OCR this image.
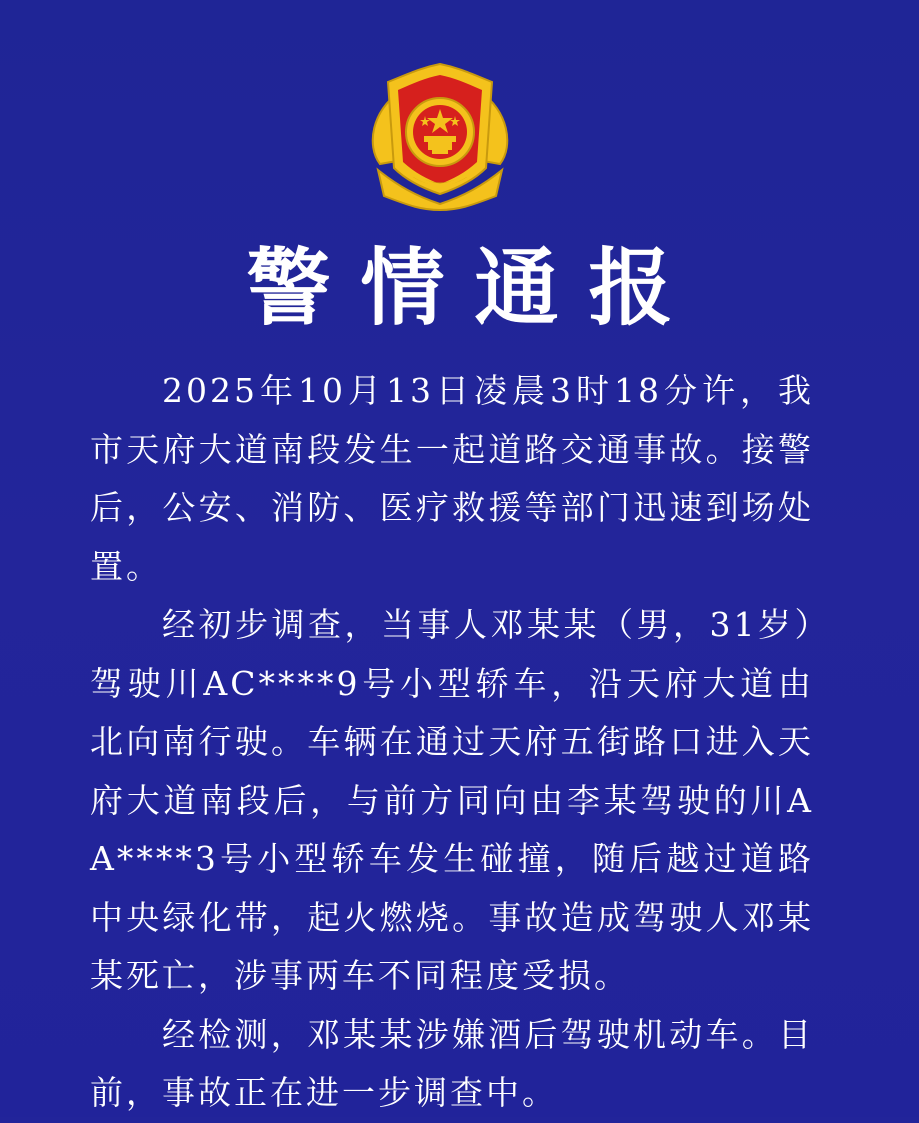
警情通报

2025年10月13日凌晨3时18分许，我市天府大道南段发生一起道路交通事故。接警后，公安、消防、医疗救援等部门迅速到场处置。

经初步调查，当事人邓某某（男，31岁）驾驶川AC****9号小型轿车，沿天府大道由北向南行驶。车辆在通过天府五街路口进入天府大道南段后，与前方同向由李某驾驶的川AA****3号小型轿车发生碰撞，随后越过道路中央绿化带，起火燃烧。事故造成驾驶人邓某某死亡，涉事两车不同程度受损。

经检测，邓某某涉嫌酒后驾驶机动车。目前，事故正在进一步调查中。
